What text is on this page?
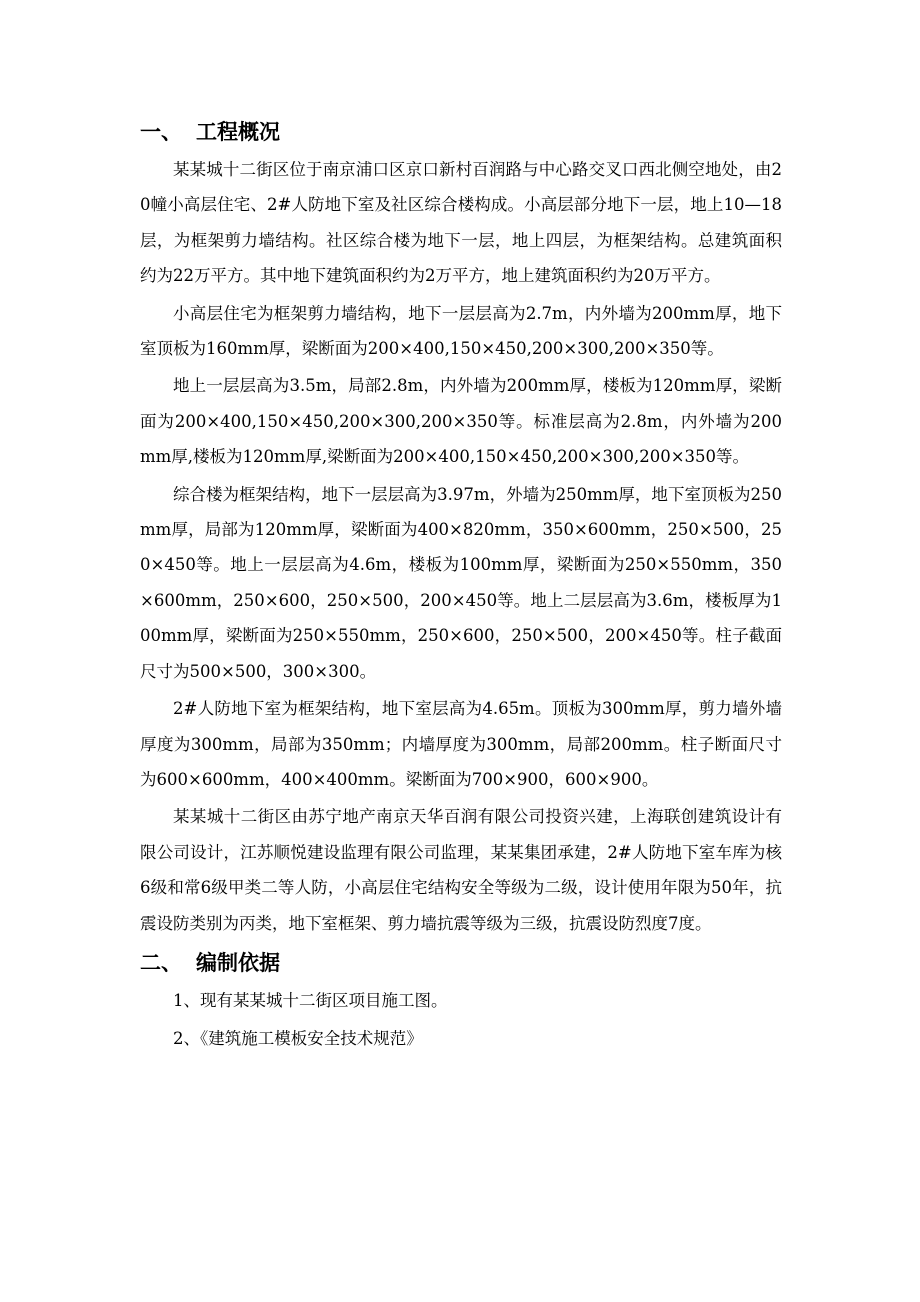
一、 工程概况

某某城十二街区位于南京浦口区京口新村百润路与中心路交叉口西北侧空地处，由20幢小高层住宅、2#人防地下室及社区综合楼构成。小高层部分地下一层，地上10—18层，为框架剪力墙结构。社区综合楼为地下一层，地上四层，为框架结构。总建筑面积约为22万平方。其中地下建筑面积约为2万平方，地上建筑面积约为20万平方。

小高层住宅为框架剪力墙结构，地下一层层高为2.7m，内外墙为200mm厚，地下室顶板为160mm厚，梁断面为200×400,150×450,200×300,200×350等。

地上一层层高为3.5m，局部2.8m，内外墙为200mm厚，楼板为120mm厚，梁断面为200×400,150×450,200×300,200×350等。标准层高为2.8m，内外墙为200mm厚,楼板为120mm厚,梁断面为200×400,150×450,200×300,200×350等。

综合楼为框架结构，地下一层层高为3.97m，外墙为250mm厚，地下室顶板为250mm厚，局部为120mm厚，梁断面为400×820mm，350×600mm，250×500，250×450等。地上一层层高为4.6m，楼板为100mm厚，梁断面为250×550mm，350×600mm，250×600，250×500，200×450等。地上二层层高为3.6m，楼板厚为100mm厚，梁断面为250×550mm，250×600，250×500，200×450等。柱子截面尺寸为500×500，300×300。

2#人防地下室为框架结构，地下室层高为4.65m。顶板为300mm厚，剪力墙外墙厚度为300mm，局部为350mm；内墙厚度为300mm，局部200mm。柱子断面尺寸为600×600mm，400×400mm。梁断面为700×900，600×900。

某某城十二街区由苏宁地产南京天华百润有限公司投资兴建，上海联创建筑设计有限公司设计，江苏顺悦建设监理有限公司监理，某某集团承建，2#人防地下室车库为核6级和常6级甲类二等人防，小高层住宅结构安全等级为二级，设计使用年限为50年，抗震设防类别为丙类，地下室框架、剪力墙抗震等级为三级，抗震设防烈度7度。

二、 编制依据

1、现有某某城十二街区项目施工图。

2、《建筑施工模板安全技术规范》
